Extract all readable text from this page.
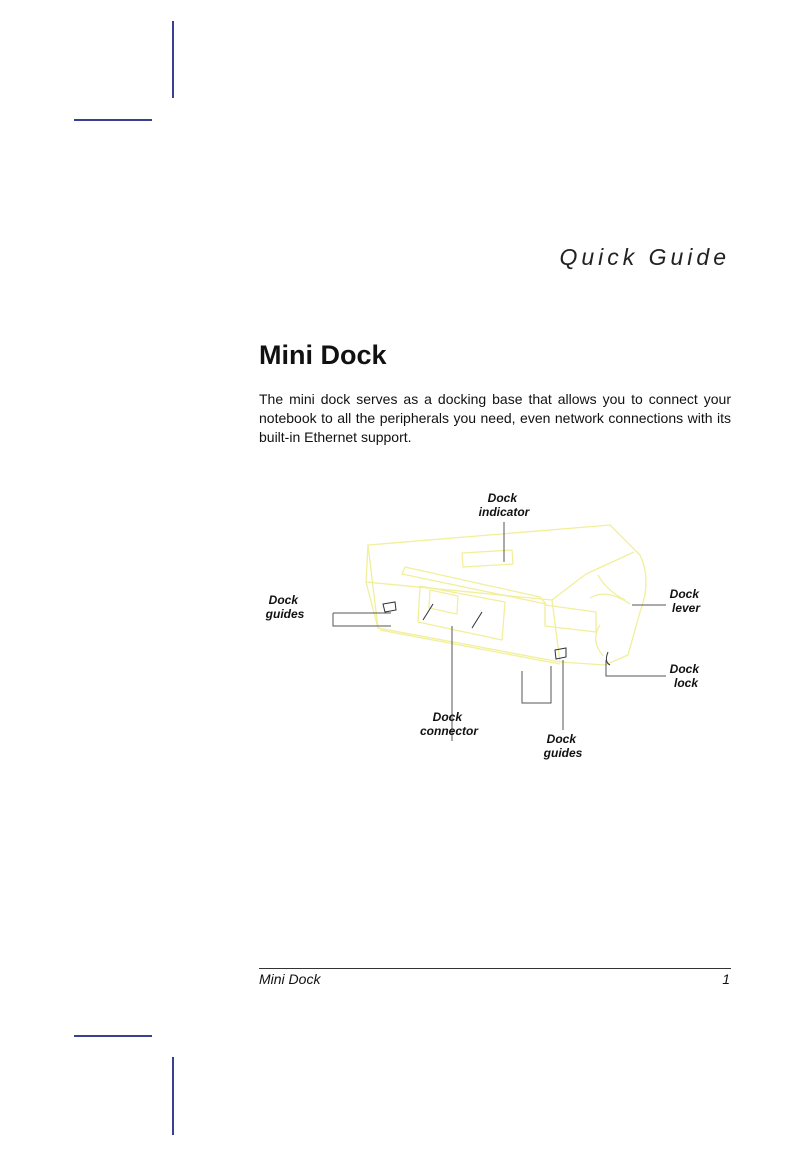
Quick Guide
Mini Dock

The mini dock serves as a docking base that allows you to connect your notebook to all the peripherals you need, even network connections with its built-in Ethernet support.

Dock indicator
Dock guides
Dock lever
Dock lock
Dock connector
Dock guides
Mini Dock	1
